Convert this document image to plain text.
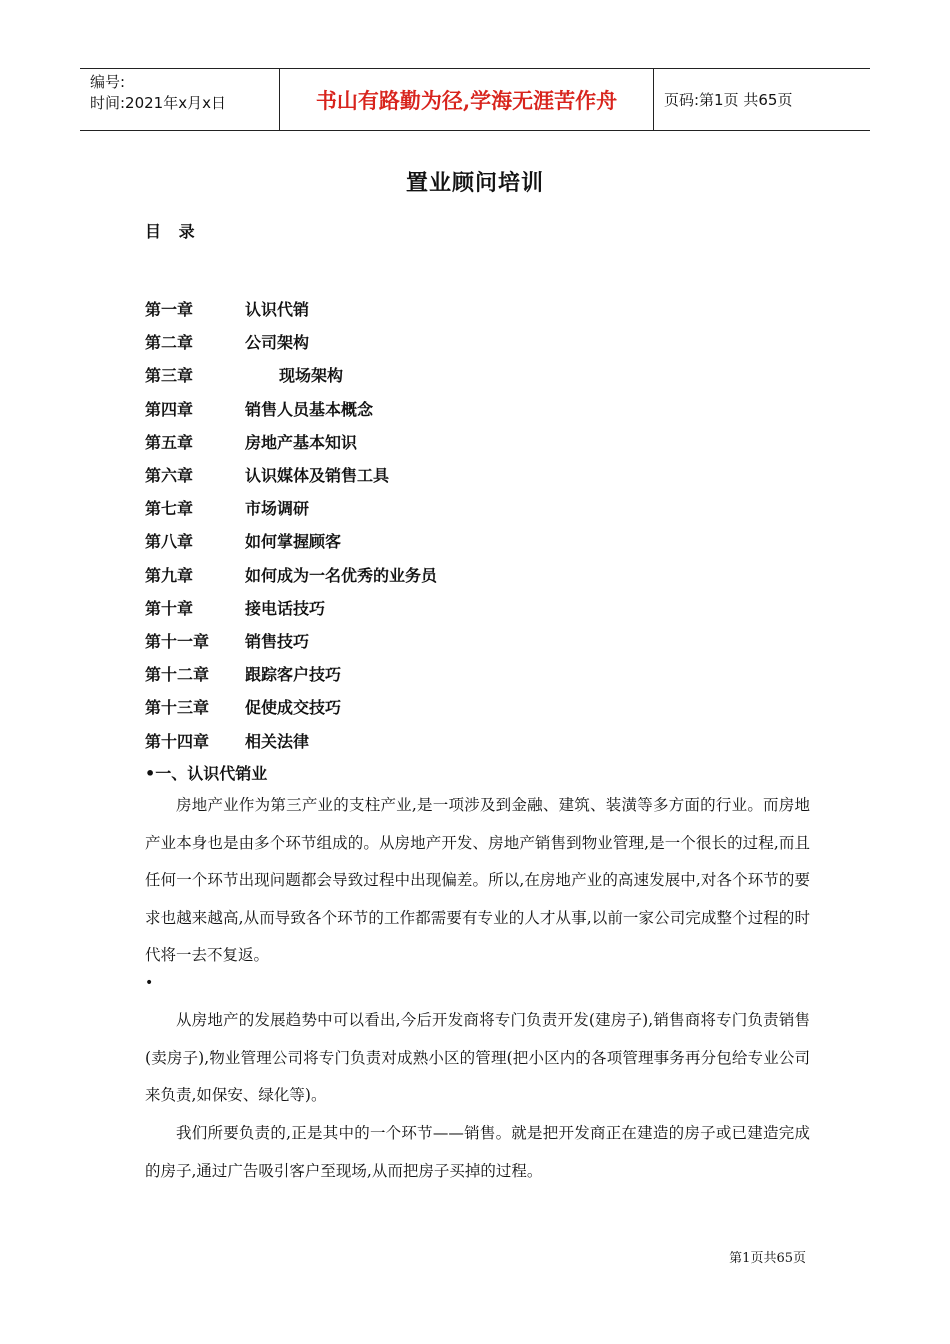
编号:
时间:2021年x月x日	书山有路勤为径,学海无涯苦作舟	页码:第1页 共65页
置业顾问培训
目 录
第一章	认识代销
第二章	公司架构
第三章	现场架构
第四章	销售人员基本概念
第五章	房地产基本知识
第六章	认识媒体及销售工具
第七章	市场调研
第八章	如何掌握顾客
第九章	如何成为一名优秀的业务员
第十章	接电话技巧
第十一章	销售技巧
第十二章	跟踪客户技巧
第十三章	促使成交技巧
第十四章	相关法律
•一、认识代销业

房地产业作为第三产业的支柱产业,是一项涉及到金融、建筑、装潢等多方面的行业。而房地产业本身也是由多个环节组成的。从房地产开发、房地产销售到物业管理,是一个很长的过程,而且任何一个环节出现问题都会导致过程中出现偏差。所以,在房地产业的高速发展中,对各个环节的要求也越来越高,从而导致各个环节的工作都需要有专业的人才从事,以前一家公司完成整个过程的时代将一去不复返。

•

从房地产的发展趋势中可以看出,今后开发商将专门负责开发(建房子),销售商将专门负责销售(卖房子),物业管理公司将专门负责对成熟小区的管理(把小区内的各项管理事务再分包给专业公司来负责,如保安、绿化等)。

我们所要负责的,正是其中的一个环节——销售。就是把开发商正在建造的房子或已建造完成的房子,通过广告吸引客户至现场,从而把房子买掉的过程。

第1页共65页
